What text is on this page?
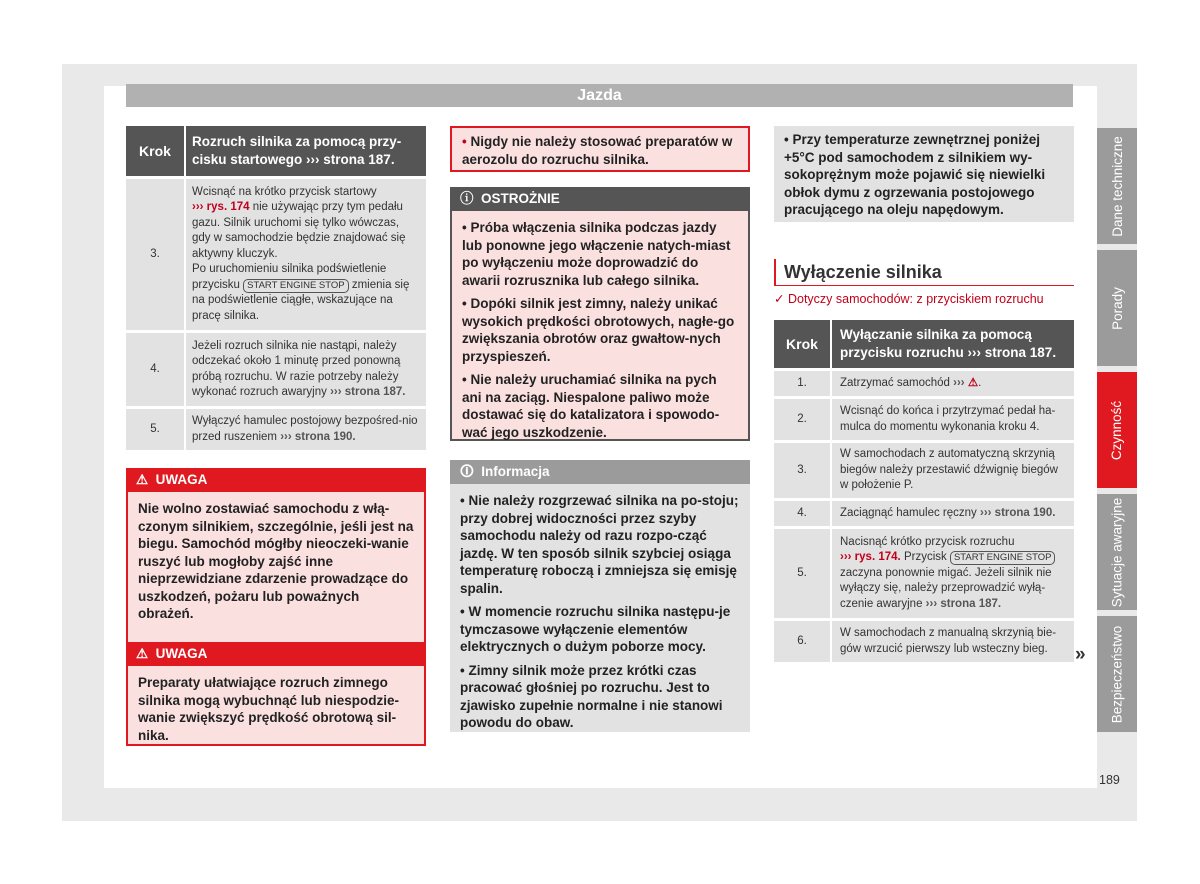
Jazda
Krok	Rozruch silnika za pomocą przy-cisku startowego ››› strona 187.
3.	Wcisnąć na krótko przycisk startowy
››› rys. 174 nie używając przy tym pedału gazu. Silnik uruchomi się tylko wówczas, gdy w samochodzie będzie znajdować się aktywny kluczyk.
Po uruchomieniu silnika podświetlenie przycisku START ENGINE STOP zmienia się na podświetlenie ciągłe, wskazujące na pracę silnika.
4.	Jeżeli rozruch silnika nie nastąpi, należy odczekać około 1 minutę przed ponowną próbą rozruchu. W razie potrzeby należy wykonać rozruch awaryjny ››› strona 187.
5.	Wyłączyć hamulec postojowy bezpośred-nio przed ruszeniem ››› strona 190.
⚠ UWAGA
Nie wolno zostawiać samochodu z włą-czonym silnikiem, szczególnie, jeśli jest na biegu. Samochód mógłby nieoczeki-wanie ruszyć lub mogłoby zajść inne nieprzewidziane zdarzenie prowadzące do uszkodzeń, pożaru lub poważnych obrażeń.
⚠ UWAGA
Preparaty ułatwiające rozruch zimnego silnika mogą wybuchnąć lub niespodzie-wanie zwiększyć prędkość obrotową sil-nika.
• Nigdy nie należy stosować preparatów w aerozolu do rozruchu silnika.
ⓘ OSTROŻNIE

• Próba włączenia silnika podczas jazdy lub ponowne jego włączenie natych-miast po wyłączeniu może doprowadzić do awarii rozrusznika lub całego silnika.

• Dopóki silnik jest zimny, należy unikać wysokich prędkości obrotowych, nagłe-go zwiększania obrotów oraz gwałtow-nych przyspieszeń.

• Nie należy uruchamiać silnika na pych ani na zaciąg. Niespalone paliwo może dostawać się do katalizatora i spowodo-wać jego uszkodzenie.

🛈 Informacja

• Nie należy rozgrzewać silnika na po-stoju; przy dobrej widoczności przez szyby samochodu należy od razu rozpo-cząć jazdę. W ten sposób silnik szybciej osiąga temperaturę roboczą i zmniejsza się emisję spalin.

• W momencie rozruchu silnika następu-je tymczasowe wyłączenie elementów elektrycznych o dużym poborze mocy.

• Zimny silnik może przez krótki czas pracować głośniej po rozruchu. Jest to zjawisko zupełnie normalne i nie stanowi powodu do obaw.

• Przy temperaturze zewnętrznej poniżej +5°C pod samochodem z silnikiem wy-sokoprężnym może pojawić się niewielki obłok dymu z ogrzewania postojowego pracującego na oleju napędowym.
Wyłączenie silnika
✓ Dotyczy samochodów: z przyciskiem rozruchu
Krok	Wyłączanie silnika za pomocą przycisku rozruchu ››› strona 187.
1.	Zatrzymać samochód ››› ⚠.
2.	Wcisnąć do końca i przytrzymać pedał ha-mulca do momentu wykonania kroku 4.
3.	W samochodach z automatyczną skrzynią biegów należy przestawić dźwignię biegów w położenie P.
4.	Zaciągnąć hamulec ręczny ››› strona 190.
5.	Nacisnąć krótko przycisk rozruchu
››› rys. 174. Przycisk START ENGINE STOP zaczyna ponownie migać. Jeżeli silnik nie wyłączy się, należy przeprowadzić wyłą-czenie awaryjne ››› strona 187.
6.	W samochodach z manualną skrzynią bie-gów wrzucić pierwszy lub wsteczny bieg. »
Dane techniczne
Porady
Czynność
Sytuacje awaryjne
Bezpieczeństwo
189
